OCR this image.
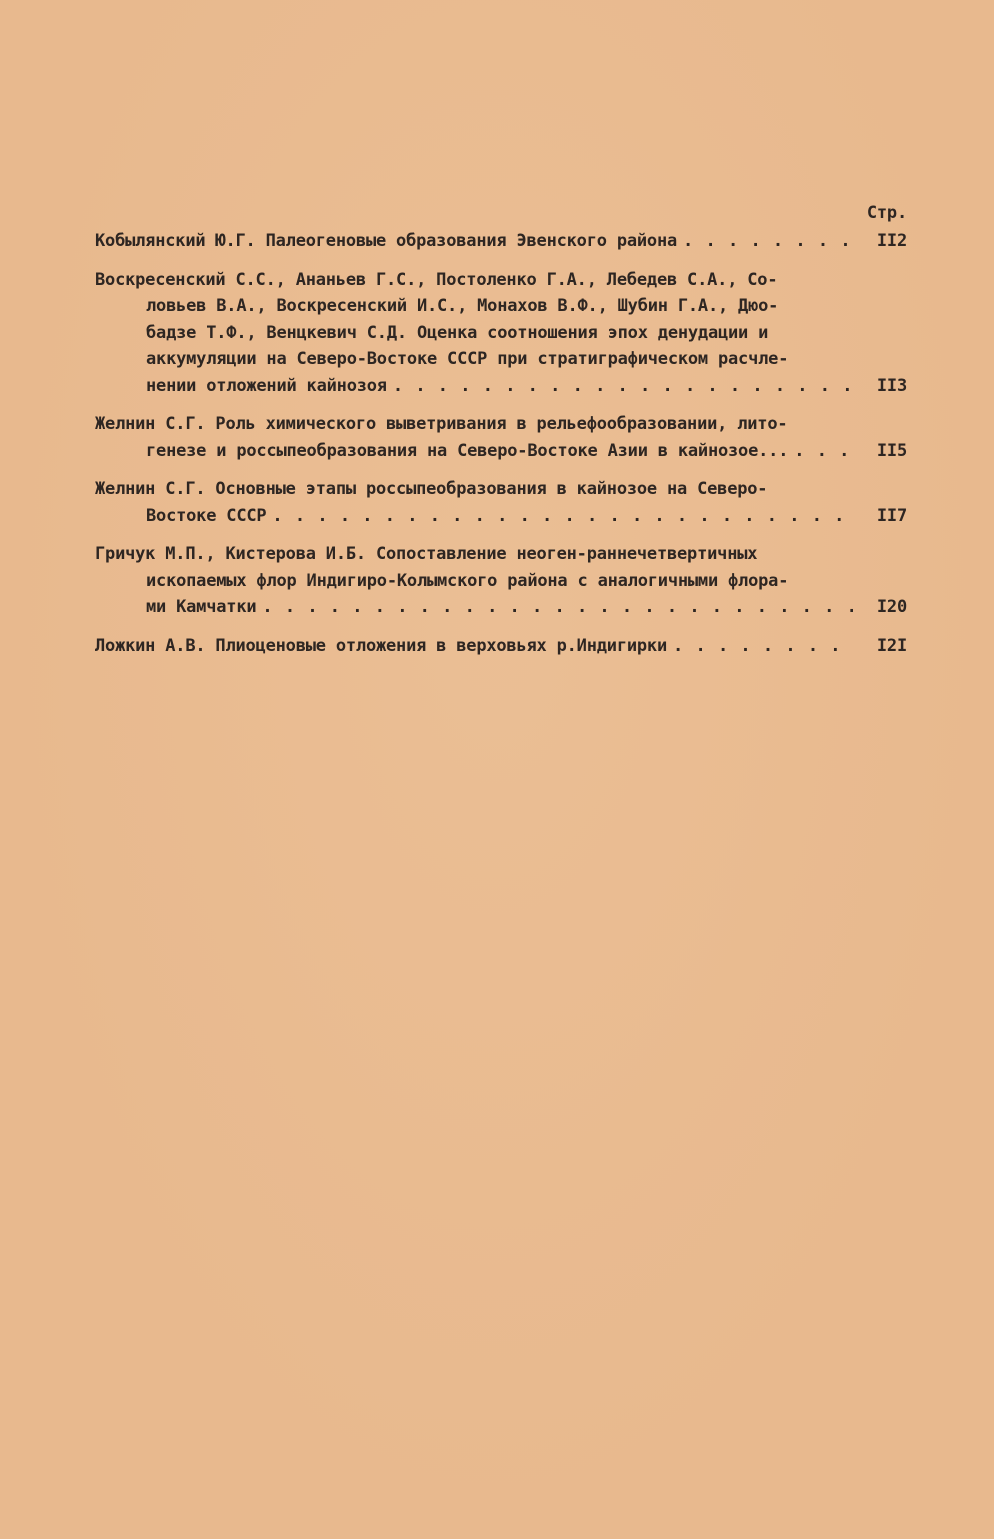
Стр.
Кобылянский Ю.Г. Палеогеновые образования Эвенского района . . .	II2
Воскресенский С.С., Ананьев Г.С., Постоленко Г.А., Лебедев С.А., Со-
ловьев В.А., Воскресенский И.С., Монахов В.Ф., Шубин Г.А., Дюо-
бадзе Т.Ф., Венцкевич С.Д. Оценка соотношения эпох денудации и
аккумуляции на Северо-Востоке СССР при стратиграфическом расчле-
нении отложений кайнозоя . . .	II3
Желнин С.Г. Роль химического выветривания в рельефообразовании, лито-
генезе и россыпеобразования на Северо-Востоке Азии в кайнозое... . . .	II5
Желнин С.Г. Основные этапы россыпеобразования в кайнозое на Северо-
Востоке СССР . . .	II7
Гричук М.П., Кистерова И.Б. Сопоставление неоген-раннечетвертичных
ископаемых флор Индигиро-Колымского района с аналогичными флора-
ми Камчатки . . .	I20
Ложкин А.В. Плиоценовые отложения в верховьях р.Индигирки . . .	I2I
